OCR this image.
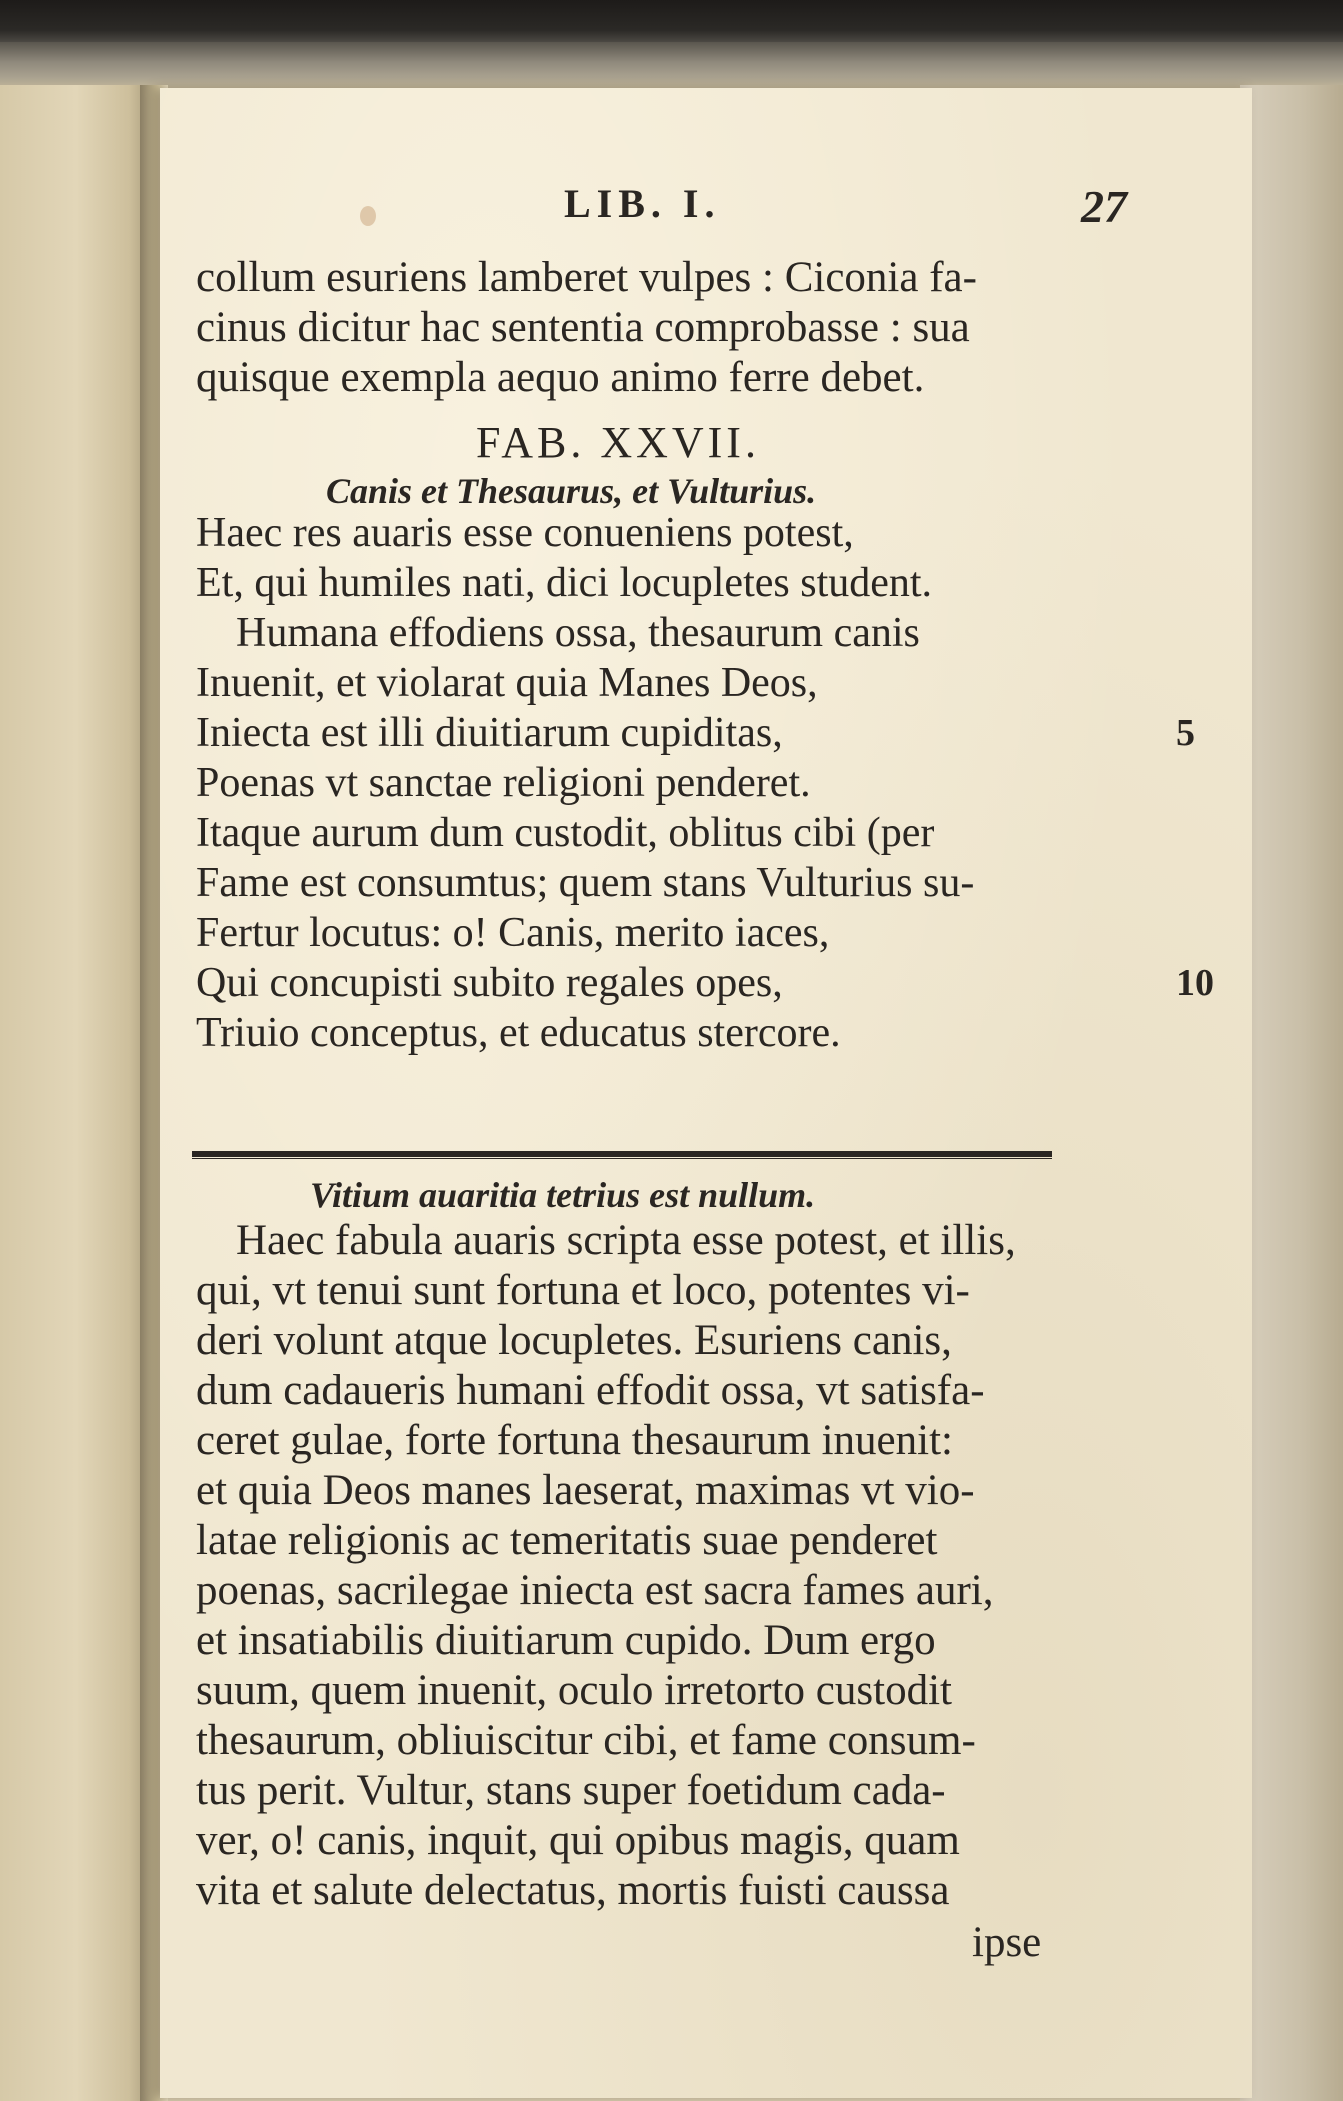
LIB. I.	27
collum esuriens lamberet vulpes : Ciconia fa-
cinus dicitur hac sententia comprobasse : sua
quisque exempla aequo animo ferre debet.
FAB. XXVII.
Canis et Thesaurus, et Vulturius.
Haec res auaris esse conueniens potest,
Et, qui humiles nati, dici locupletes student.
Humana effodiens ossa, thesaurum canis
Inuenit, et violarat quia Manes Deos,
Iniecta est illi diuitiarum cupiditas,	5
Poenas vt sanctae religioni penderet.
Itaque aurum dum custodit, oblitus cibi (per
Fame est consumtus; quem stans Vulturius su-
Fertur locutus: o! Canis, merito iaces,
Qui concupisti subito regales opes,	10
Triuio conceptus, et educatus stercore.
Vitium auaritia tetrius est nullum.
Haec fabula auaris scripta esse potest, et illis,
qui, vt tenui sunt fortuna et loco, potentes vi-
deri volunt atque locupletes. Esuriens canis,
dum cadaueris humani effodit ossa, vt satisfa-
ceret gulae, forte fortuna thesaurum inuenit:
et quia Deos manes laeserat, maximas vt vio-
latae religionis ac temeritatis suae penderet
poenas, sacrilegae iniecta est sacra fames auri,
et insatiabilis diuitiarum cupido. Dum ergo
suum, quem inuenit, oculo irretorto custodit
thesaurum, obliuiscitur cibi, et fame consum-
tus perit. Vultur, stans super foetidum cada-
ver, o! canis, inquit, qui opibus magis, quam
vita et salute delectatus, mortis fuisti caussa
ipse
